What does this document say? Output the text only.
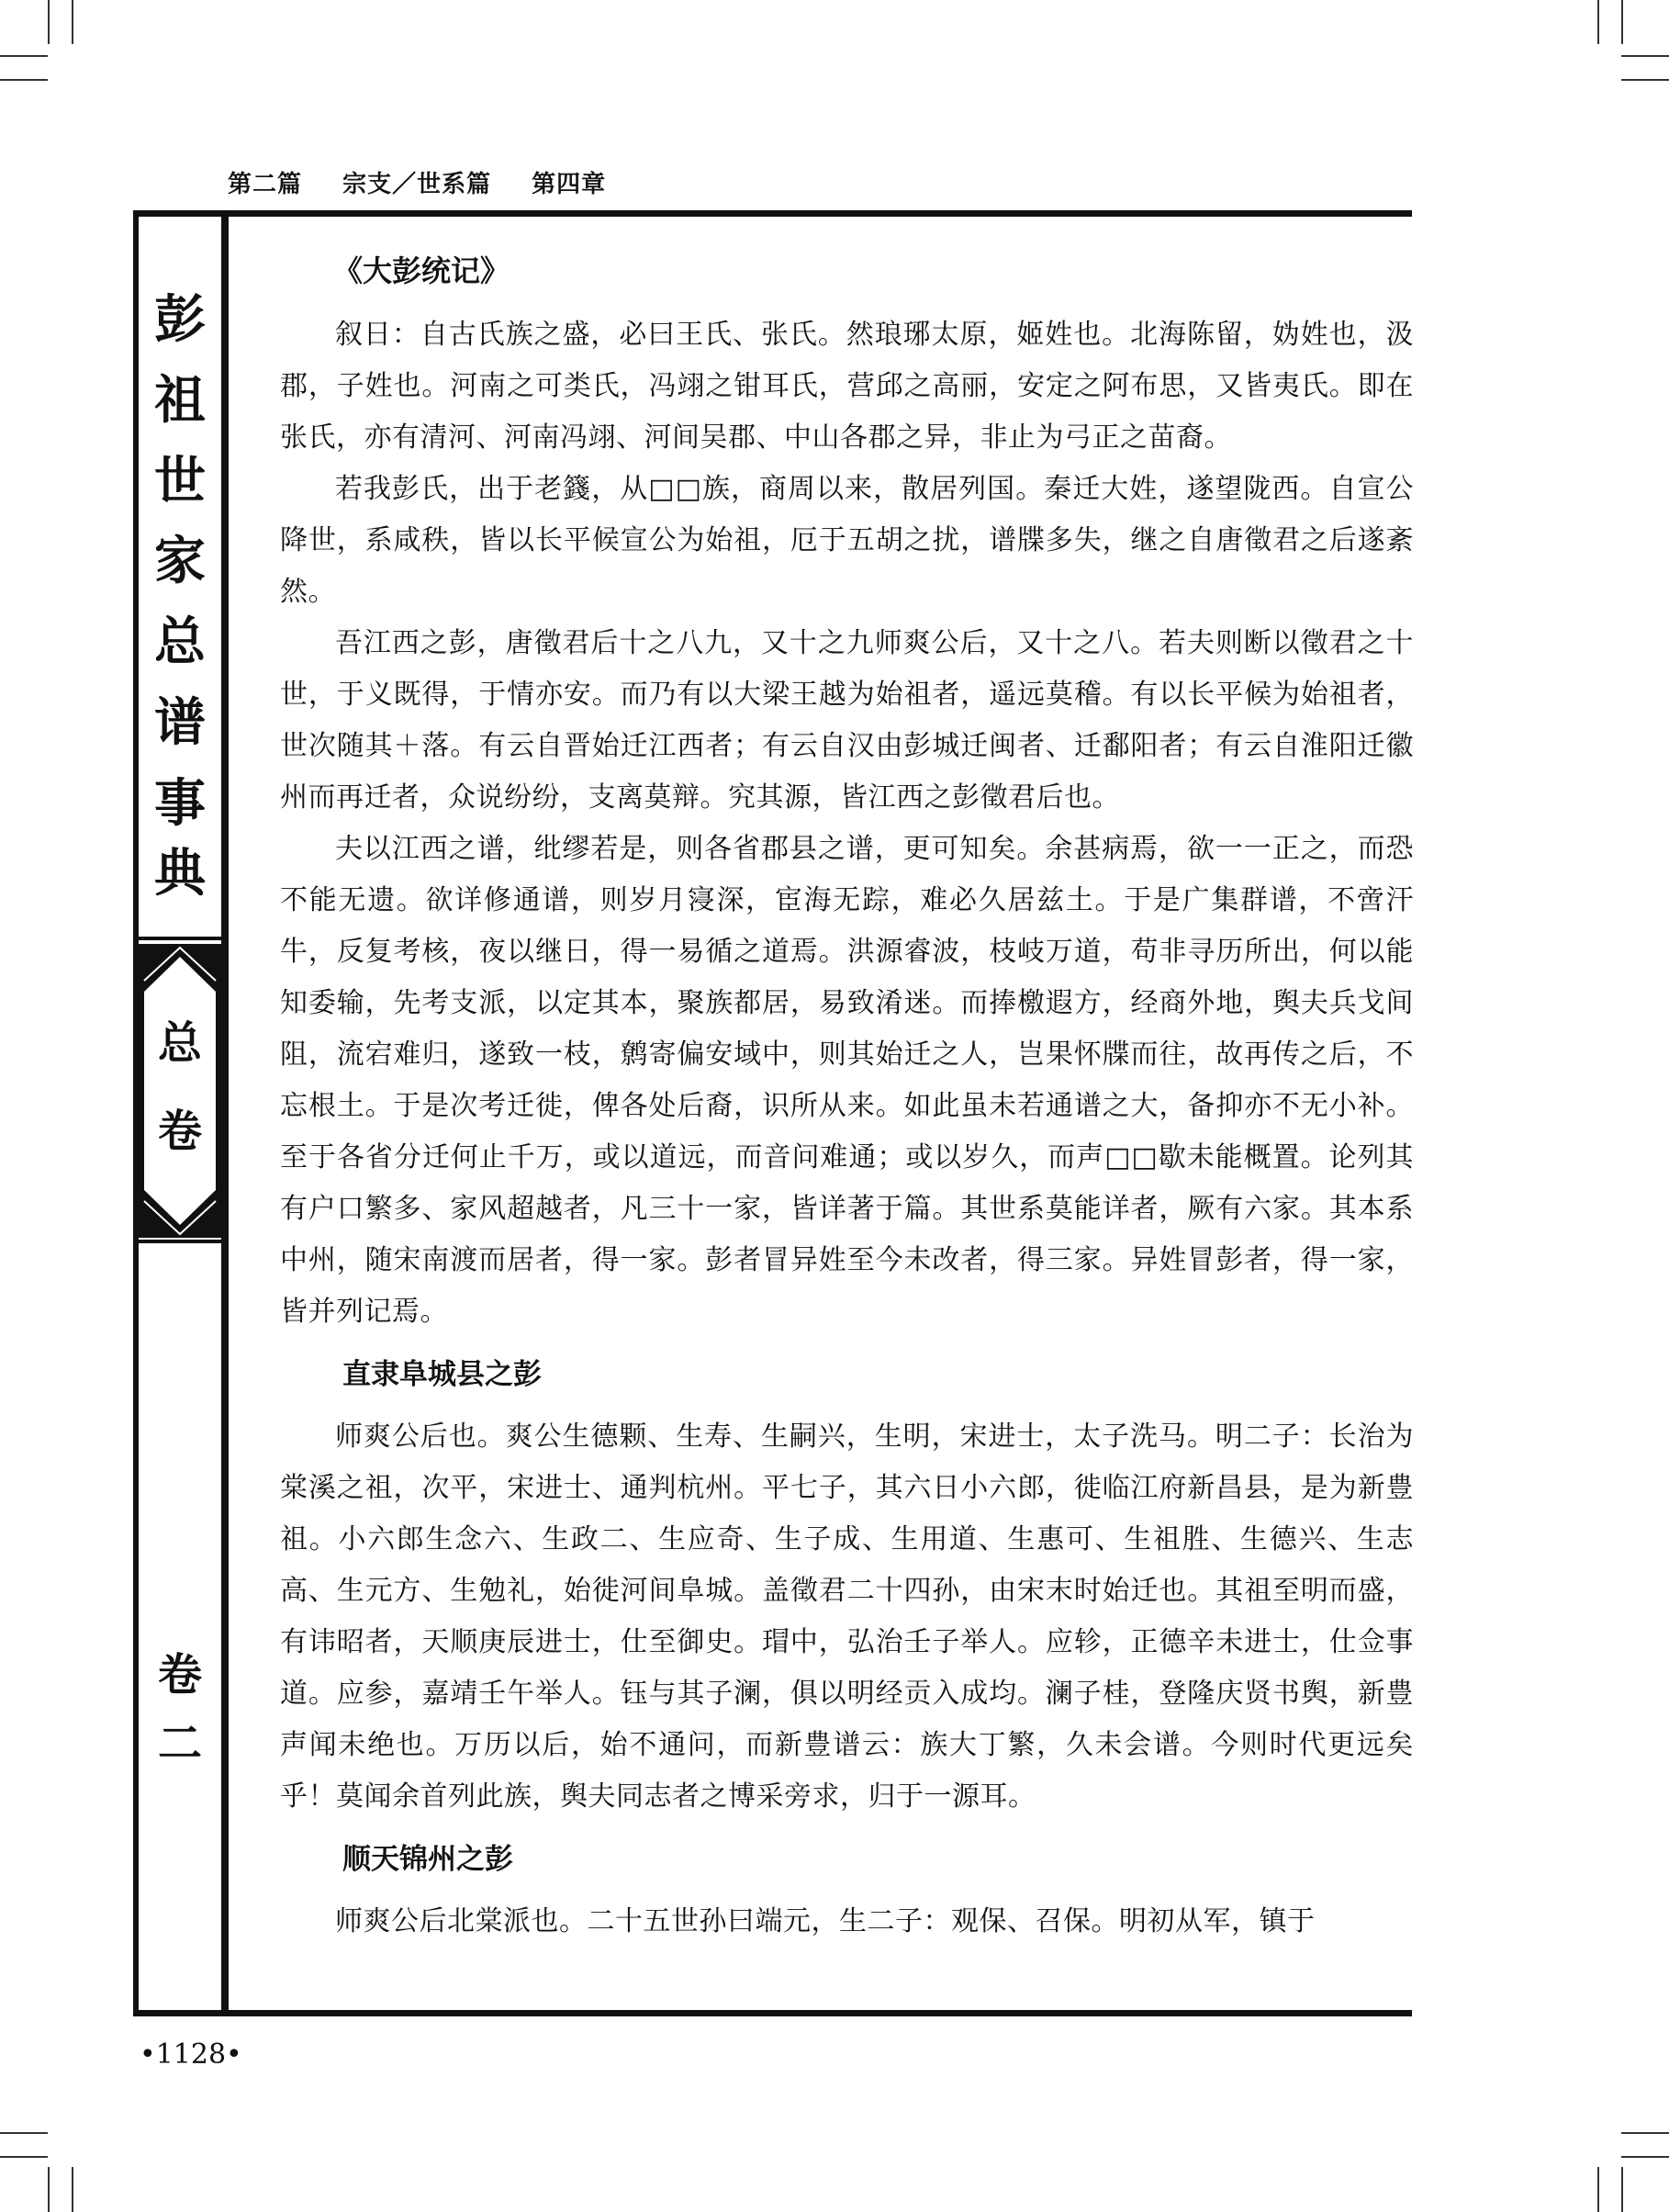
第二篇 宗支／世系篇 第四章
彭
祖
世
家
总
谱
事
典
总
卷
卷
二
《大彭统记》

叙日：自古氏族之盛，必曰王氏、张氏。然琅琊太原，姬姓也。北海陈留，妫姓也，汲郡，子姓也。河南之可类氏，冯翊之钳耳氏，营邱之高丽，安定之阿布思，又皆夷氏。即在张氏，亦有清河、河南冯翊、河间吴郡、中山各郡之异，非止为弓正之苗裔。

若我彭氏，出于老籛，从□□族，商周以来，散居列国。秦迁大姓，遂望陇西。自宣公降世，系咸秩，皆以长平候宣公为始祖，厄于五胡之扰，谱牒多失，继之自唐徵君之后遂紊然。

吾江西之彭，唐徵君后十之八九，又十之九师爽公后，又十之八。若夫则断以徵君之十世，于义既得，于情亦安。而乃有以大梁王越为始祖者，遥远莫稽。有以长平候为始祖者，世次随其＋落。有云自晋始迁江西者；有云自汉由彭城迁闽者、迁鄱阳者；有云自淮阳迁徽州而再迁者，众说纷纷，支离莫辩。究其源，皆江西之彭徵君后也。

夫以江西之谱，纰缪若是，则各省郡县之谱，更可知矣。余甚病焉，欲一一正之，而恐不能无遗。欲详修通谱，则岁月寖深，宦海无踪，难必久居兹土。于是广集群谱，不啻汗牛，反复考核，夜以继日，得一易循之道焉。洪源睿波，枝岐万道，苟非寻历所出，何以能知委输，先考支派，以定其本，聚族都居，易致淆迷。而捧檄遐方，经商外地，舆夫兵戈间阻，流宕难归，遂致一枝，鹩寄偏安域中，则其始迁之人，岂果怀牒而往，故再传之后，不忘根土。于是次考迁徙，俾各处后裔，识所从来。如此虽未若通谱之大，备抑亦不无小补。至于各省分迁何止千万，或以道远，而音问难通；或以岁久，而声□□歇未能概置。论列其有户口繁多、家风超越者，凡三十一家，皆详著于篇。其世系莫能详者，厥有六家。其本系中州，随宋南渡而居者，得一家。彭者冒异姓至今未改者，得三家。异姓冒彭者，得一家，皆并列记焉。

直隶阜城县之彭

师爽公后也。爽公生德颗、生寿、生嗣兴，生明，宋进士，太子洗马。明二子：长治为棠溪之祖，次平，宋进士、通判杭州。平七子，其六日小六郎，徙临江府新昌县，是为新豊祖。小六郎生念六、生政二、生应奇、生子成、生用道、生惠可、生祖胜、生德兴、生志高、生元方、生勉礼，始徙河间阜城。盖徵君二十四孙，由宋末时始迁也。其祖至明而盛，有讳昭者，天顺庚辰进士，仕至御史。瑁中，弘治壬子举人。应轸，正德辛未进士，仕佥事道。应参，嘉靖壬午举人。钰与其子澜，俱以明经贡入成均。澜子桂，登隆庆贤书舆，新豊声闻未绝也。万历以后，始不通问，而新豊谱云：族大丁繁，久未会谱。今则时代更远矣乎！莫闻余首列此族，舆夫同志者之博采旁求，归于一源耳。

顺天锦州之彭

师爽公后北棠派也。二十五世孙曰端元，生二子：观保、召保。明初从军，镇于

•1128•
